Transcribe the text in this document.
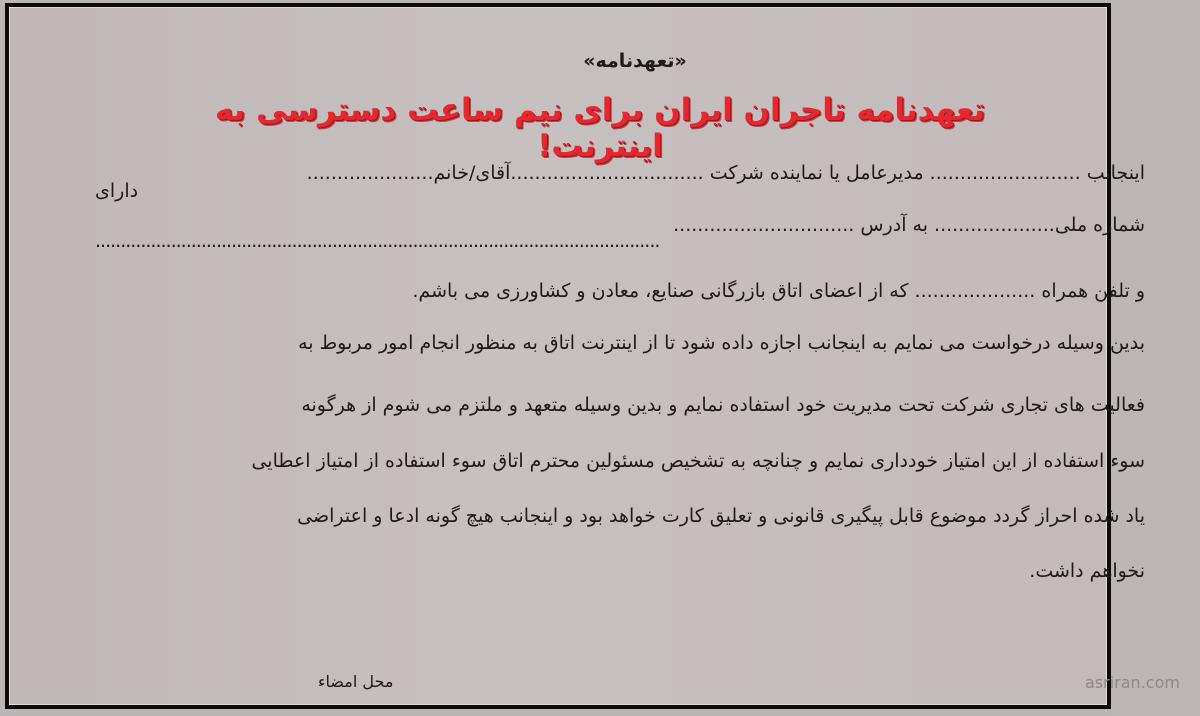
«تعهدنامه»
تعهدنامه تاجران ایران برای نیم ساعت دسترسی به اینترنت!
اینجانب ......................... مدیرعامل یا نماینده شرکت ................................آقای/خانم.....................
دارای
شماره ملی.................... به آدرس ..............................
................................................................................................................
و تلفن همراه .................... که از اعضای اتاق بازرگانی صنایع، معادن و کشاورزی می باشم.
بدین وسیله درخواست می نمایم به اینجانب اجازه داده شود تا از اینترنت اتاق به منظور انجام امور مربوط به
فعالیت های تجاری شرکت تحت مدیریت خود استفاده نمایم و بدین وسیله متعهد و ملتزم می شوم از هرگونه
سوء استفاده از این امتیاز خودداری نمایم و چنانچه به تشخیص مسئولین محترم اتاق سوء استفاده از امتیاز اعطایی
یاد شده احراز گردد موضوع قابل پیگیری قانونی و تعلیق کارت خواهد بود و اینجانب هیچ گونه ادعا و اعتراضی
نخواهم داشت.
محل امضاء	asriran.com
